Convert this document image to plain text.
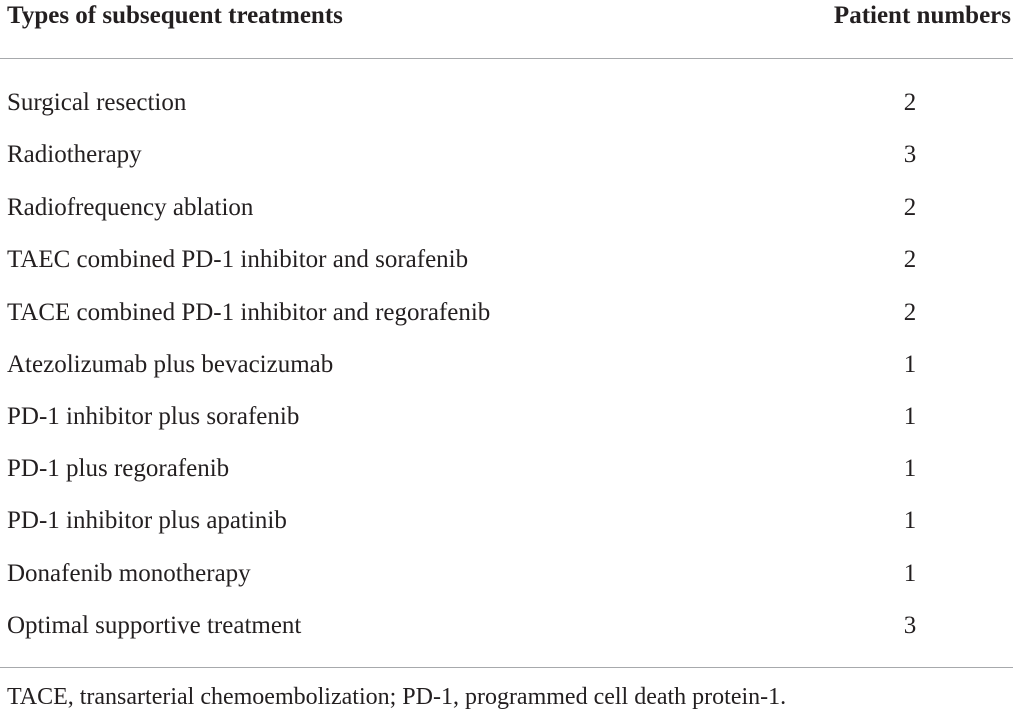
Types of subsequent treatments	Patient numbers
Surgical resection	2
Radiotherapy	3
Radiofrequency ablation	2
TAEC combined PD-1 inhibitor and sorafenib	2
TACE combined PD-1 inhibitor and regorafenib	2
Atezolizumab plus bevacizumab	1
PD-1 inhibitor plus sorafenib	1
PD-1 plus regorafenib	1
PD-1 inhibitor plus apatinib	1
Donafenib monotherapy	1
Optimal supportive treatment	3
TACE, transarterial chemoembolization; PD-1, programmed cell death protein-1.
